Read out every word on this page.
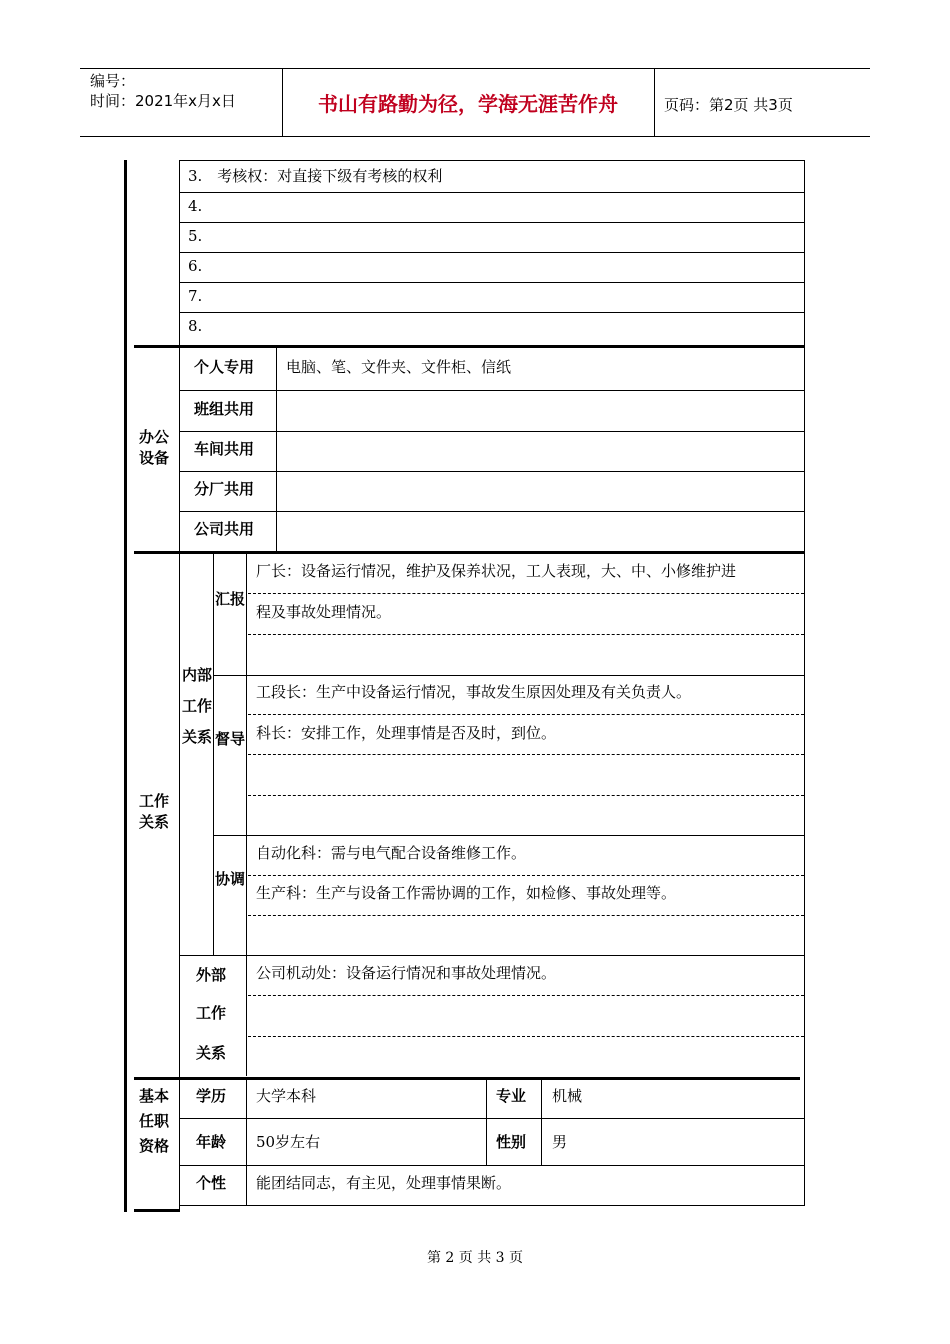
编号：
时间：2021年x月x日	书山有路勤为径，学海无涯苦作舟	页码：第2页 共3页
3.　考核权：对直接下级有考核的权利
4.
5.
6.
7.
8.
办公设备
个人专用 电脑、笔、文件夹、文件柜、信纸
班组共用
车间共用
分厂共用
公司共用
工作关系
内部工作关系
汇报
厂长：设备运行情况，维护及保养状况，工人表现，大、中、小修维护进
程及事故处理情况。
督导
工段长：生产中设备运行情况，事故发生原因处理及有关负责人。
科长：安排工作，处理事情是否及时，到位。
协调
自动化科：需与电气配合设备维修工作。
生产科：生产与设备工作需协调的工作，如检修、事故处理等。
外部
工作
关系
公司机动处：设备运行情况和事故处理情况。
基本任职资格
学历 大学本科	专业 机械
年龄 50岁左右	性别 男
个性 能团结同志，有主见，处理事情果断。
第 2 页 共 3 页
